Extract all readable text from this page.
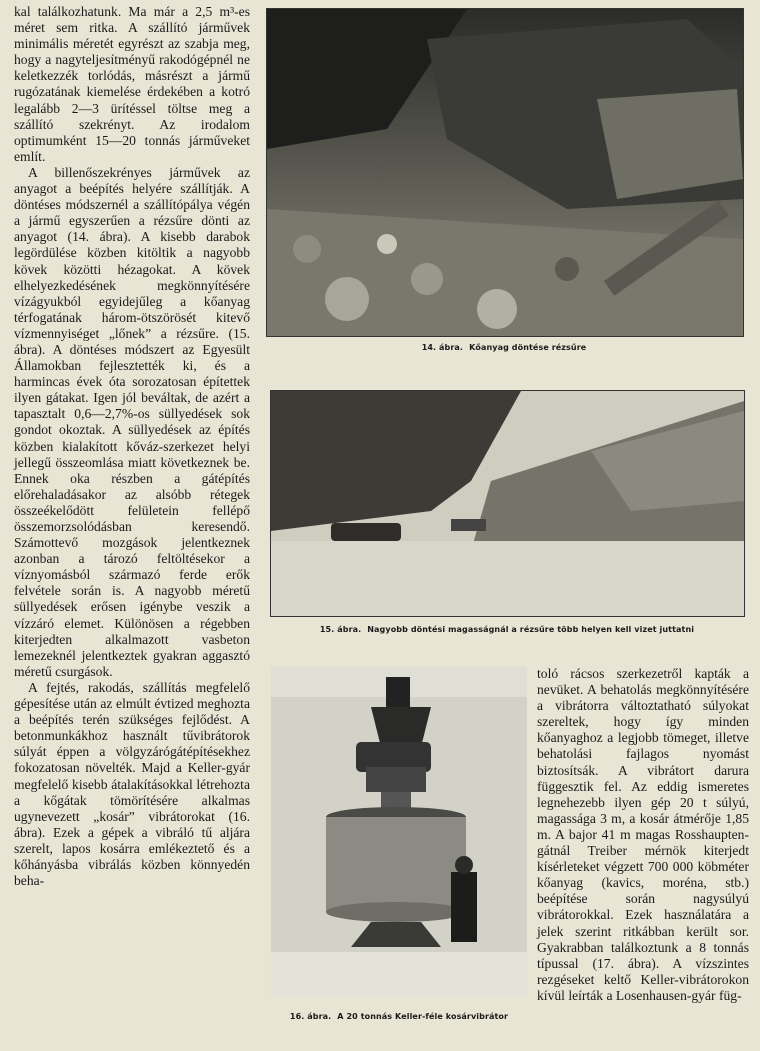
kal találkozhatunk. Ma már a 2,5 m³-es méret sem ritka. A szállító járművek minimális méretét egyrészt az szabja meg, hogy a nagyteljesítményű rakodógépnél ne keletkezzék torlódás, másrészt a jármű rugózatának kiemelése érdekében a kotró legalább 2—3 ürítéssel töltse meg a szállító szekrényt. Az irodalom optimumként 15—20 tonnás járműveket említ.

A billenőszekrényes járművek az anyagot a beépítés helyére szállítják. A döntéses módszernél a szállítópálya végén a jármű egyszerűen a rézsűre dönti az anyagot (14. ábra). A kisebb darabok legördülése közben kitöltik a nagyobb kövek közötti hézagokat. A kövek elhelyezkedésének megkönnyítésére vízágyukból egyidejűleg a kőanyag térfogatának három-ötszörösét kitevő vízmennyiséget „lőnek” a rézsűre. (15. ábra). A döntéses módszert az Egyesült Államokban fejlesztették ki, és a harmincas évek óta sorozatosan építettek ilyen gátakat. Igen jól beváltak, de azért a tapasztalt 0,6—2,7%-os süllyedések sok gondot okoztak. A süllyedések az építés közben kialakított kőváz-szerkezet helyi jellegű összeomlása miatt következnek be. Ennek oka részben a gátépítés előrehaladásakor az alsóbb rétegek összeékelődött felületein fellépő összemorzsolódásban keresendő. Számottevő mozgások jelentkeznek azonban a tározó feltöltésekor a víznyomásból származó ferde erők felvétele során is. A nagyobb méretű süllyedések erősen igénybe veszik a vízzáró elemet. Különösen a régebben kiterjedten alkalmazott vasbeton lemezeknél jelentkeztek gyakran aggasztó méretű csurgások.

A fejtés, rakodás, szállítás megfelelő gépesítése után az elmúlt évtized meghozta a beépítés terén szükséges fejlődést. A betonmunkákhoz használt tűvibrátorok súlyát éppen a völgyzárógátépítésekhez fokozatosan növelték. Majd a Keller-gyár megfelelő kisebb átalakításokkal létrehozta a kőgátak tömörítésére alkalmas ugynevezett „kosár” vibrátorokat (16. ábra). Ezek a gépek a vibráló tű aljára szerelt, lapos kosárra emlékeztető és a kőhányásba vibrálás közben könnyedén beha-

14. ábra. Kőanyag döntése rézsűre
15. ábra. Nagyobb döntési magasságnál a rézsűre több helyen kell vizet juttatni
16. ábra. A 20 tonnás Keller-féle kosárvibrátor

toló rácsos szerkezetről kapták a nevüket. A behatolás megkönnyítésére a vibrátorra változtatható súlyokat szereltek, hogy így minden kőanyaghoz a legjobb tömeget, illetve behatolási fajlagos nyomást biztosítsák. A vibrátort darura függesztik fel. Az eddig ismeretes legnehezebb ilyen gép 20 t súlyú, magassága 3 m, a kosár átmérője 1,85 m. A bajor 41 m magas Rosshaupten-gátnál Treiber mérnök kiterjedt kísérleteket végzett 700 000 köbméter kőanyag (kavics, moréna, stb.) beépítése során nagysúlyú vibrátorokkal. Ezek használatára a jelek szerint ritkábban került sor. Gyakrabban találkoztunk a 8 tonnás típussal (17. ábra). A vízszintes rezgéseket keltő Keller-vibrátorokon kívül leírták a Losenhausen-gyár füg-
